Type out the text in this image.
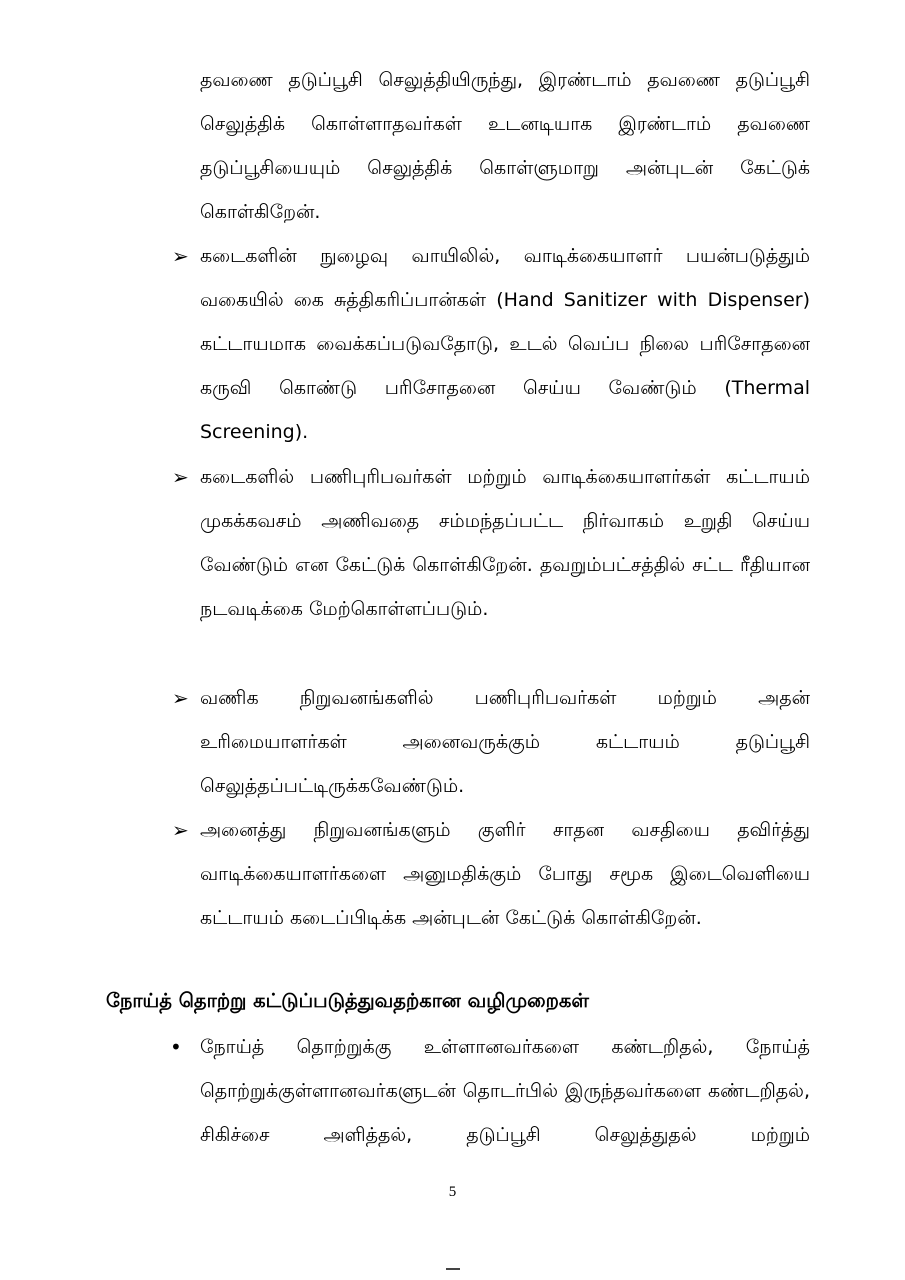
தவணை தடுப்பூசி செலுத்தியிருந்து, இரண்டாம் தவணை தடுப்பூசி செலுத்திக் கொள்ளாதவர்கள் உடனடியாக இரண்டாம் தவணை தடுப்பூசியையும் செலுத்திக் கொள்ளுமாறு அன்புடன் கேட்டுக் கொள்கிறேன்.

➢ கடைகளின் நுழைவு வாயிலில், வாடிக்கையாளர் பயன்படுத்தும் வகையில் கை சுத்திகரிப்பான்கள் (Hand Sanitizer with Dispenser) கட்டாயமாக வைக்கப்படுவதோடு, உடல் வெப்ப நிலை பரிசோதனை கருவி கொண்டு பரிசோதனை செய்ய வேண்டும் (Thermal Screening).

➢ கடைகளில் பணிபுரிபவர்கள் மற்றும் வாடிக்கையாளர்கள் கட்டாயம் முகக்கவசம் அணிவதை சம்மந்தப்பட்ட நிர்வாகம் உறுதி செய்ய வேண்டும் என கேட்டுக் கொள்கிறேன். தவறும்பட்சத்தில் சட்ட ரீதியான நடவடிக்கை மேற்கொள்ளப்படும்.

➢ வணிக நிறுவனங்களில் பணிபுரிபவர்கள் மற்றும் அதன் உரிமையாளர்கள் அனைவருக்கும் கட்டாயம் தடுப்பூசி செலுத்தப்பட்டிருக்கவேண்டும்.

➢ அனைத்து நிறுவனங்களும் குளிர் சாதன வசதியை தவிர்த்து வாடிக்கையாளர்களை அனுமதிக்கும் போது சமூக இடைவெளியை கட்டாயம் கடைப்பிடிக்க அன்புடன் கேட்டுக் கொள்கிறேன்.

நோய்த் தொற்று கட்டுப்படுத்துவதற்கான வழிமுறைகள்

• நோய்த் தொற்றுக்கு உள்ளானவர்களை கண்டறிதல், நோய்த் தொற்றுக்குள்ளானவர்களுடன் தொடர்பில் இருந்தவர்களை கண்டறிதல், சிகிச்சை அளித்தல், தடுப்பூசி செலுத்துதல் மற்றும்

5
